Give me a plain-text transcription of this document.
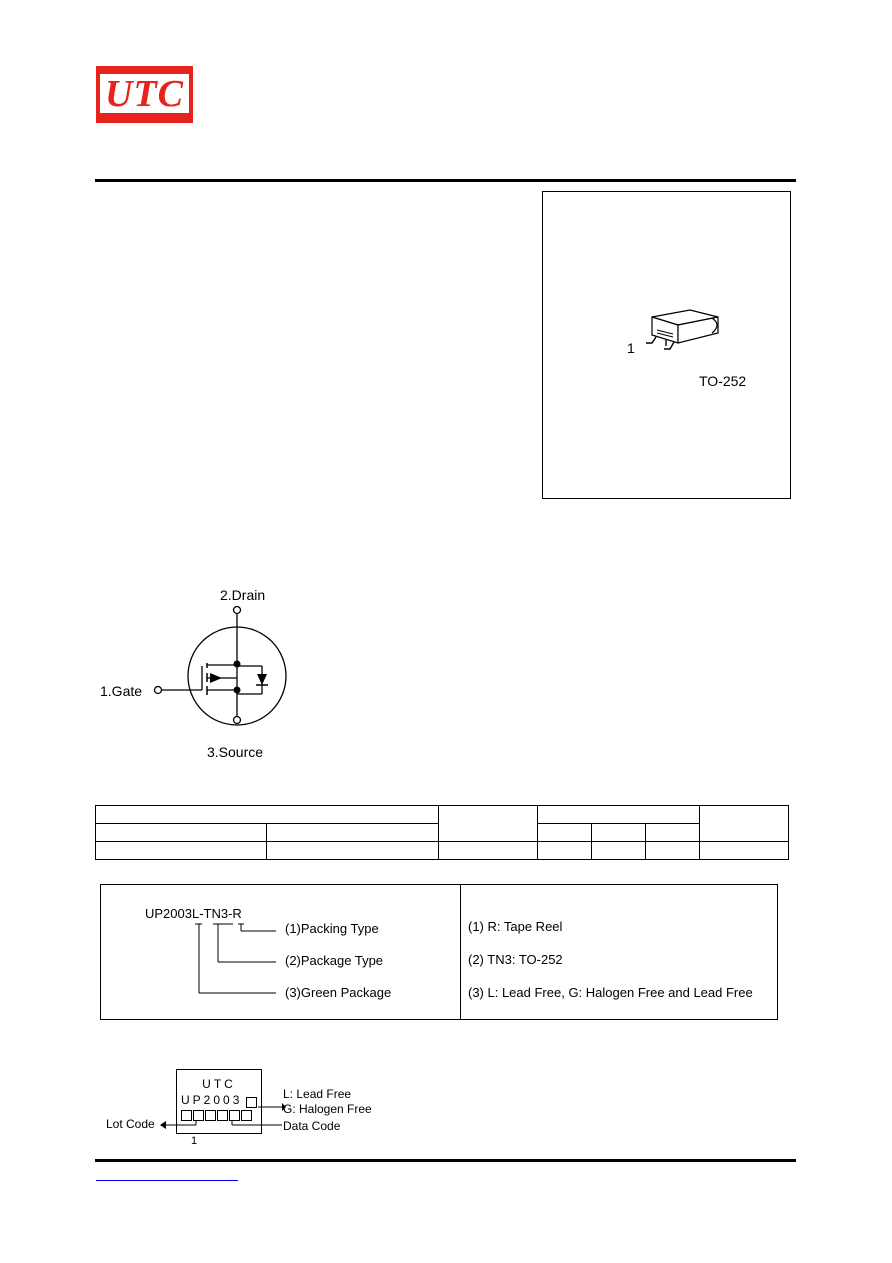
UTC
1
TO-252
2.Drain
1.Gate
3.Source

UP2003L-TN3-R
(1)Packing Type
(2)Package Type
(3)Green Package
(1) R: Tape Reel
(2) TN3: TO-252
(3) L: Lead Free, G: Halogen Free and Lead Free
UTC
UP2003	L: Lead Free
G: Halogen Free
Lot Code	Data Code
1
